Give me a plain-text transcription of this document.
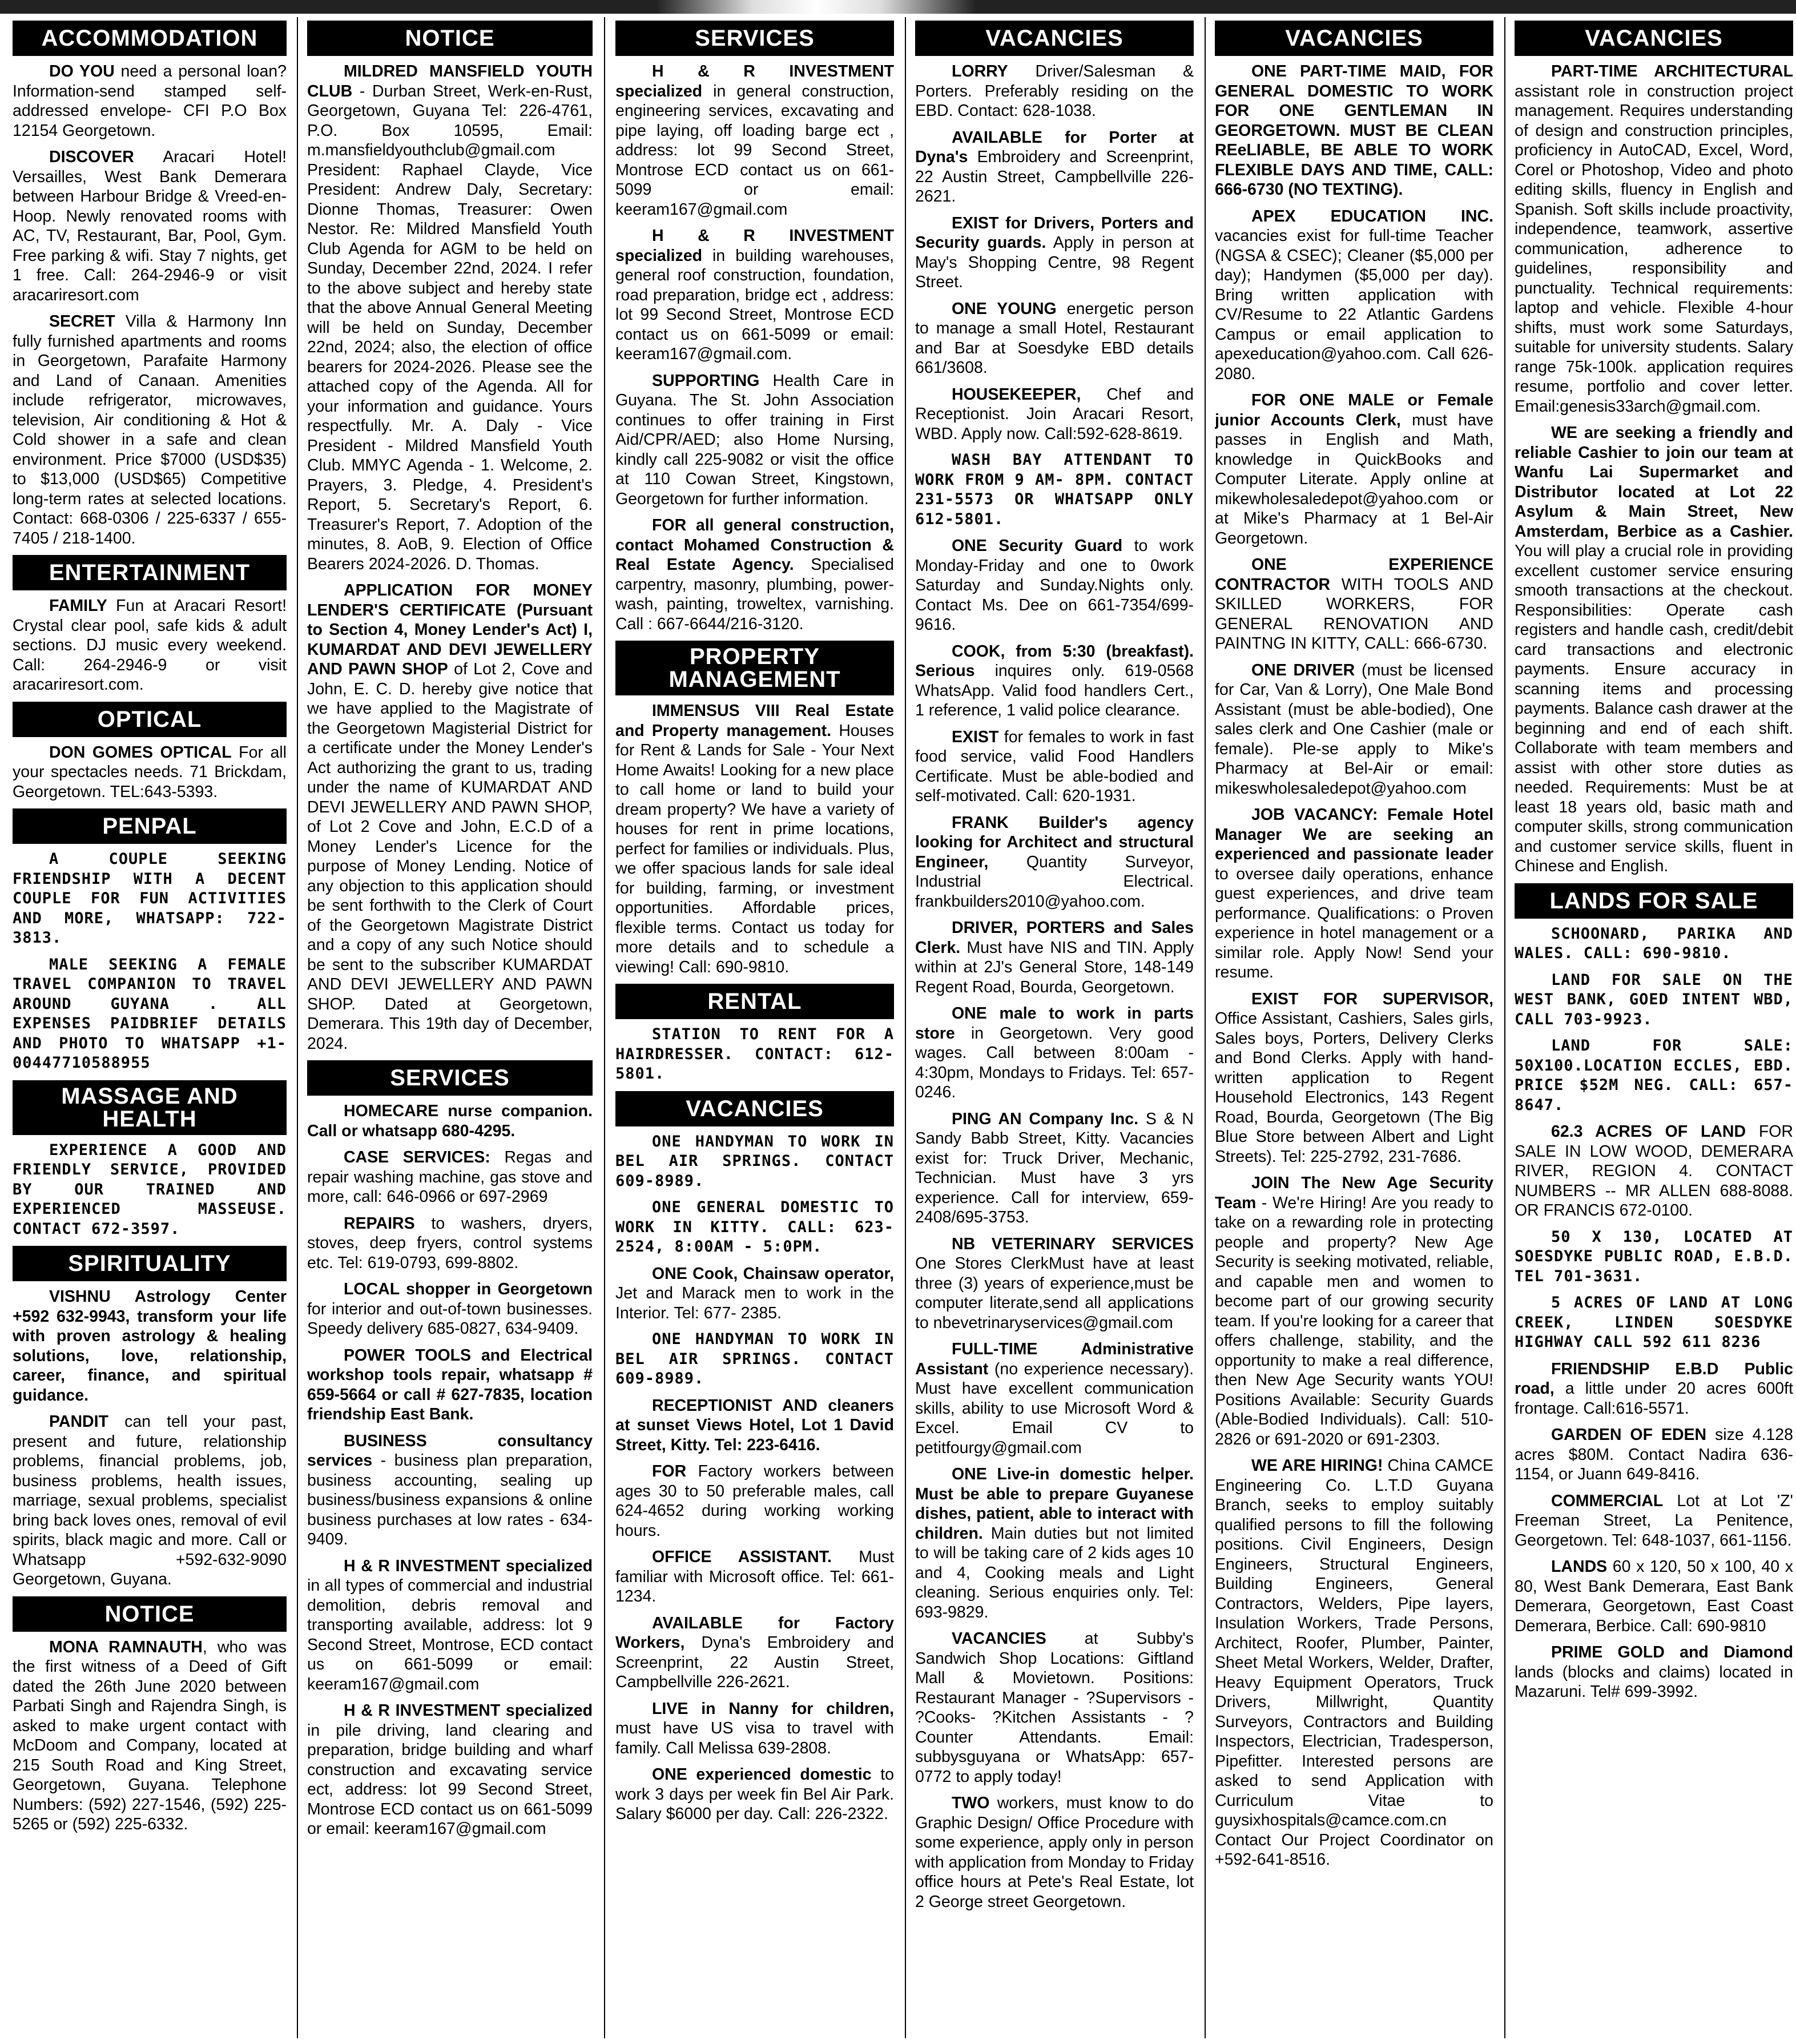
ACCOMMODATION
DO YOU need a personal loan? Information-send stamped self-addressed envelope- CFI P.O Box 12154 Georgetown.
DISCOVER Aracari Hotel! Versailles, West Bank Demerara between Harbour Bridge & Vreed-en-Hoop. Newly renovated rooms with AC, TV, Restaurant, Bar, Pool, Gym. Free parking & wifi. Stay 7 nights, get 1 free. Call: 264-2946-9 or visit aracariresort.com
SECRET Villa & Harmony Inn fully furnished apartments and rooms in Georgetown, Parafaite Harmony and Land of Canaan. Amenities include refrigerator, microwaves, television, Air conditioning & Hot & Cold shower in a safe and clean environment. Price $7000 (USD$35) to $13,000 (USD$65) Competitive long-term rates at selected locations. Contact: 668-0306 / 225-6337 / 655-7405 / 218-1400.
ENTERTAINMENT
FAMILY Fun at Aracari Resort! Crystal clear pool, safe kids & adult sections. DJ music every weekend. Call: 264-2946-9 or visit aracariresort.com.
OPTICAL
DON GOMES OPTICAL For all your spectacles needs. 71 Brickdam, Georgetown. TEL:643-5393.
PENPAL
A COUPLE SEEKING FRIENDSHIP WITH A DECENT COUPLE FOR FUN ACTIVITIES AND MORE, WHATSAPP: 722-3813.
MALE SEEKING A FEMALE TRAVEL COMPANION TO TRAVEL AROUND GUYANA . ALL EXPENSES PAIDBRIEF DETAILS AND PHOTO TO WHATSAPP +1-00447710588955
MASSAGE AND HEALTH
EXPERIENCE A GOOD AND FRIENDLY SERVICE, PROVIDED BY OUR TRAINED AND EXPERIENCED MASSEUSE. CONTACT 672-3597.
SPIRITUALITY
VISHNU Astrology Center +592 632-9943, transform your life with proven astrology & healing solutions, love, relationship, career, finance, and spiritual guidance.
PANDIT can tell your past, present and future, relationship problems, financial problems, job, business problems, health issues, marriage, sexual problems, specialist bring back loves ones, removal of evil spirits, black magic and more. Call or Whatsapp +592-632-9090 Georgetown, Guyana.
NOTICE
MONA RAMNAUTH, who was the first witness of a Deed of Gift dated the 26th June 2020 between Parbati Singh and Rajendra Singh, is asked to make urgent contact with McDoom and Company, located at 215 South Road and King Street, Georgetown, Guyana. Telephone Numbers: (592) 227-1546, (592) 225-5265 or (592) 225-6332.
NOTICE
MILDRED MANSFIELD YOUTH CLUB - Durban Street, Werk-en-Rust, Georgetown, Guyana Tel: 226-4761, P.O. Box 10595, Email: m.mansfieldyouthclub@gmail.com President: Raphael Clayde, Vice President: Andrew Daly, Secretary: Dionne Thomas, Treasurer: Owen Nestor. Re: Mildred Mansfield Youth Club Agenda for AGM to be held on Sunday, December 22nd, 2024. I refer to the above subject and hereby state that the above Annual General Meeting will be held on Sunday, December 22nd, 2024; also, the election of office bearers for 2024-2026. Please see the attached copy of the Agenda. All for your information and guidance. Yours respectfully. Mr. A. Daly - Vice President - Mildred Mansfield Youth Club. MMYC Agenda - 1. Welcome, 2. Prayers, 3. Pledge, 4. President's Report, 5. Secretary's Report, 6. Treasurer's Report, 7. Adoption of the minutes, 8. AoB, 9. Election of Office Bearers 2024-2026. D. Thomas.
APPLICATION FOR MONEY LENDER'S CERTIFICATE (Pursuant to Section 4, Money Lender's Act) I, KUMARDAT AND DEVI JEWELLERY AND PAWN SHOP of Lot 2, Cove and John, E. C. D. hereby give notice that we have applied to the Magistrate of the Georgetown Magisterial District for a certificate under the Money Lender's Act authorizing the grant to us, trading under the name of KUMARDAT AND DEVI JEWELLERY AND PAWN SHOP, of Lot 2 Cove and John, E.C.D of a Money Lender's Licence for the purpose of Money Lending. Notice of any objection to this application should be sent forthwith to the Clerk of Court of the Georgetown Magistrate District and a copy of any such Notice should be sent to the subscriber KUMARDAT AND DEVI JEWELLERY AND PAWN SHOP. Dated at Georgetown, Demerara. This 19th day of December, 2024.
SERVICES
HOMECARE nurse companion. Call or whatsapp 680-4295.
CASE SERVICES: Regas and repair washing machine, gas stove and more, call: 646-0966 or 697-2969
REPAIRS to washers, dryers, stoves, deep fryers, control systems etc. Tel: 619-0793, 699-8802.
LOCAL shopper in Georgetown for interior and out-of-town businesses. Speedy delivery 685-0827, 634-9409.
POWER TOOLS and Electrical workshop tools repair, whatsapp # 659-5664 or call # 627-7835, location friendship East Bank.
BUSINESS consultancy services - business plan preparation, business accounting, sealing up business/business expansions & online business purchases at low rates - 634-9409.
H & R INVESTMENT specialized in all types of commercial and industrial demolition, debris removal and transporting available, address: lot 9 Second Street, Montrose, ECD contact us on 661-5099 or email: keeram167@gmail.com
H & R INVESTMENT specialized in pile driving, land clearing and preparation, bridge building and wharf construction and excavating service ect, address: lot 99 Second Street, Montrose ECD contact us on 661-5099 or email: keeram167@gmail.com
SERVICES
H & R INVESTMENT specialized in general construction, engineering services, excavating and pipe laying, off loading barge ect , address: lot 99 Second Street, Montrose ECD contact us on 661-5099 or email: keeram167@gmail.com
H & R INVESTMENT specialized in building warehouses, general roof construction, foundation, road preparation, bridge ect , address: lot 99 Second Street, Montrose ECD contact us on 661-5099 or email: keeram167@gmail.com.
SUPPORTING Health Care in Guyana. The St. John Association continues to offer training in First Aid/CPR/AED; also Home Nursing, kindly call 225-9082 or visit the office at 110 Cowan Street, Kingstown, Georgetown for further information.
FOR all general construction, contact Mohamed Construction & Real Estate Agency. Specialised carpentry, masonry, plumbing, power-wash, painting, troweltex, varnishing. Call : 667-6644/216-3120.
PROPERTY MANAGEMENT
IMMENSUS VIII Real Estate and Property management. Houses for Rent & Lands for Sale - Your Next Home Awaits! Looking for a new place to call home or land to build your dream property? We have a variety of houses for rent in prime locations, perfect for families or individuals. Plus, we offer spacious lands for sale ideal for building, farming, or investment opportunities. Affordable prices, flexible terms. Contact us today for more details and to schedule a viewing! Call: 690-9810.
RENTAL
STATION TO RENT FOR A HAIRDRESSER. CONTACT: 612-5801.
VACANCIES
ONE HANDYMAN TO WORK IN BEL AIR SPRINGS. CONTACT 609-8989.
ONE GENERAL DOMESTIC TO WORK IN KITTY. CALL: 623-2524, 8:00AM - 5:0PM.
ONE Cook, Chainsaw operator, Jet and Marack men to work in the Interior. Tel: 677- 2385.
ONE HANDYMAN TO WORK IN BEL AIR SPRINGS. CONTACT 609-8989.
RECEPTIONIST AND cleaners at sunset Views Hotel, Lot 1 David Street, Kitty. Tel: 223-6416.
FOR Factory workers between ages 30 to 50 preferable males, call 624-4652 during working working hours.
OFFICE ASSISTANT. Must familiar with Microsoft office. Tel: 661-1234.
AVAILABLE for Factory Workers, Dyna's Embroidery and Screenprint, 22 Austin Street, Campbellville 226-2621.
LIVE in Nanny for children, must have US visa to travel with family. Call Melissa 639-2808.
ONE experienced domestic to work 3 days per week fin Bel Air Park. Salary $6000 per day. Call: 226-2322.
VACANCIES
LORRY Driver/Salesman & Porters. Preferably residing on the EBD. Contact: 628-1038.
AVAILABLE for Porter at Dyna's Embroidery and Screenprint, 22 Austin Street, Campbellville 226-2621.
EXIST for Drivers, Porters and Security guards. Apply in person at May's Shopping Centre, 98 Regent Street.
ONE YOUNG energetic person to manage a small Hotel, Restaurant and Bar at Soesdyke EBD details 661/3608.
HOUSEKEEPER, Chef and Receptionist. Join Aracari Resort, WBD. Apply now. Call:592-628-8619.
WASH BAY ATTENDANT TO WORK FROM 9 AM- 8PM. CONTACT 231-5573 OR WHATSAPP ONLY 612-5801.
ONE Security Guard to work Monday-Friday and one to 0work Saturday and Sunday.Nights only. Contact Ms. Dee on 661-7354/699-9616.
COOK, from 5:30 (breakfast). Serious inquires only. 619-0568 WhatsApp. Valid food handlers Cert., 1 reference, 1 valid police clearance.
EXIST for females to work in fast food service, valid Food Handlers Certificate. Must be able-bodied and self-motivated. Call: 620-1931.
FRANK Builder's agency looking for Architect and structural Engineer, Quantity Surveyor, Industrial Electrical. frankbuilders2010@yahoo.com.
DRIVER, PORTERS and Sales Clerk. Must have NIS and TIN. Apply within at 2J's General Store, 148-149 Regent Road, Bourda, Georgetown.
ONE male to work in parts store in Georgetown. Very good wages. Call between 8:00am - 4:30pm, Mondays to Fridays. Tel: 657-0246.
PING AN Company Inc. S & N Sandy Babb Street, Kitty. Vacancies exist for: Truck Driver, Mechanic, Technician. Must have 3 yrs experience. Call for interview, 659-2408/695-3753.
NB VETERINARY SERVICES One Stores ClerkMust have at least three (3) years of experience,must be computer literate,send all applications to nbevetrinaryservices@gmail.com
FULL-TIME Administrative Assistant (no experience necessary). Must have excellent communication skills, ability to use Microsoft Word & Excel. Email CV to petitfourgy@gmail.com
ONE Live-in domestic helper. Must be able to prepare Guyanese dishes, patient, able to interact with children. Main duties but not limited to will be taking care of 2 kids ages 10 and 4, Cooking meals and Light cleaning. Serious enquiries only. Tel: 693-9829.
VACANCIES at Subby's Sandwich Shop Locations: Giftland Mall & Movietown. Positions: Restaurant Manager - ?Supervisors - ?Cooks- ?Kitchen Assistants - ?Counter Attendants. Email: subbysguyana or WhatsApp: 657-0772 to apply today!
TWO workers, must know to do Graphic Design/ Office Procedure with some experience, apply only in person with application from Monday to Friday office hours at Pete's Real Estate, lot 2 George street Georgetown.
VACANCIES
ONE PART-TIME MAID, FOR GENERAL DOMESTIC TO WORK FOR ONE GENTLEMAN IN GEORGETOWN. MUST BE CLEAN REeLIABLE, BE ABLE TO WORK FLEXIBLE DAYS AND TIME, CALL: 666-6730 (NO TEXTING).
APEX EDUCATION INC. vacancies exist for full-time Teacher (NGSA & CSEC); Cleaner ($5,000 per day); Handymen ($5,000 per day). Bring written application with CV/Resume to 22 Atlantic Gardens Campus or email application to apexeducation@yahoo.com. Call 626-2080.
FOR ONE MALE or Female junior Accounts Clerk, must have passes in English and Math, knowledge in QuickBooks and Computer Literate. Apply online at mikewholesaledepot@yahoo.com or at Mike's Pharmacy at 1 Bel-Air Georgetown.
ONE EXPERIENCE CONTRACTOR WITH TOOLS AND SKILLED WORKERS, FOR GENERAL RENOVATION AND PAINTNG IN KITTY, CALL: 666-6730.
ONE DRIVER (must be licensed for Car, Van & Lorry), One Male Bond Assistant (must be able-bodied), One sales clerk and One Cashier (male or female). Ple-se apply to Mike's Pharmacy at Bel-Air or email: mikeswholesaledepot@yahoo.com
JOB VACANCY: Female Hotel Manager We are seeking an experienced and passionate leader to oversee daily operations, enhance guest experiences, and drive team performance. Qualifications: o Proven experience in hotel management or a similar role. Apply Now! Send your resume.
EXIST FOR SUPERVISOR, Office Assistant, Cashiers, Sales girls, Sales boys, Porters, Delivery Clerks and Bond Clerks. Apply with hand- written application to Regent Household Electronics, 143 Regent Road, Bourda, Georgetown (The Big Blue Store between Albert and Light Streets). Tel: 225-2792, 231-7686.
JOIN The New Age Security Team - We're Hiring! Are you ready to take on a rewarding role in protecting people and property? New Age Security is seeking motivated, reliable, and capable men and women to become part of our growing security team. If you're looking for a career that offers challenge, stability, and the opportunity to make a real difference, then New Age Security wants YOU! Positions Available: Security Guards (Able-Bodied Individuals). Call: 510-2826 or 691-2020 or 691-2303.
WE ARE HIRING! China CAMCE Engineering Co. L.T.D Guyana Branch, seeks to employ suitably qualified persons to fill the following positions. Civil Engineers, Design Engineers, Structural Engineers, Building Engineers, General Contractors, Welders, Pipe layers, Insulation Workers, Trade Persons, Architect, Roofer, Plumber, Painter, Sheet Metal Workers, Welder, Drafter, Heavy Equipment Operators, Truck Drivers, Millwright, Quantity Surveyors, Contractors and Building Inspectors, Electrician, Tradesperson, Pipefitter. Interested persons are asked to send Application with Curriculum Vitae to guysixhospitals@camce.com.cn Contact Our Project Coordinator on +592-641-8516.
VACANCIES
PART-TIME ARCHITECTURAL assistant role in construction project management. Requires understanding of design and construction principles, proficiency in AutoCAD, Excel, Word, Corel or Photoshop, Video and photo editing skills, fluency in English and Spanish. Soft skills include proactivity, independence, teamwork, assertive communication, adherence to guidelines, responsibility and punctuality. Technical requirements: laptop and vehicle. Flexible 4-hour shifts, must work some Saturdays, suitable for university students. Salary range 75k-100k. application requires resume, portfolio and cover letter. Email:genesis33arch@gmail.com.
WE are seeking a friendly and reliable Cashier to join our team at Wanfu Lai Supermarket and Distributor located at Lot 22 Asylum & Main Street, New Amsterdam, Berbice as a Cashier. You will play a crucial role in providing excellent customer service ensuring smooth transactions at the checkout. Responsibilities: Operate cash registers and handle cash, credit/debit card transactions and electronic payments. Ensure accuracy in scanning items and processing payments. Balance cash drawer at the beginning and end of each shift. Collaborate with team members and assist with other store duties as needed. Requirements: Must be at least 18 years old, basic math and computer skills, strong communication and customer service skills, fluent in Chinese and English.
LANDS FOR SALE
SCHOONARD, PARIKA AND WALES. CALL: 690-9810.
LAND FOR SALE ON THE WEST BANK, GOED INTENT WBD, CALL 703-9923.
LAND FOR SALE: 50X100.LOCATION ECCLES, EBD. PRICE $52M NEG. CALL: 657-8647.
62.3 ACRES OF LAND FOR SALE IN LOW WOOD, DEMERARA RIVER, REGION 4. CONTACT NUMBERS -- MR ALLEN 688-8088. OR FRANCIS 672-0100.
50 X 130, LOCATED AT SOESDYKE PUBLIC ROAD, E.B.D. TEL 701-3631.
5 ACRES OF LAND AT LONG CREEK, LINDEN SOESDYKE HIGHWAY CALL 592 611 8236
FRIENDSHIP E.B.D Public road, a little under 20 acres 600ft frontage. Call:616-5571.
GARDEN OF EDEN size 4.128 acres $80M. Contact Nadira 636-1154, or Juann 649-8416.
COMMERCIAL Lot at Lot 'Z' Freeman Street, La Penitence, Georgetown. Tel: 648-1037, 661-1156.
LANDS 60 x 120, 50 x 100, 40 x 80, West Bank Demerara, East Bank Demerara, Georgetown, East Coast Demerara, Berbice. Call: 690-9810
PRIME GOLD and Diamond lands (blocks and claims) located in Mazaruni. Tel# 699-3992.
